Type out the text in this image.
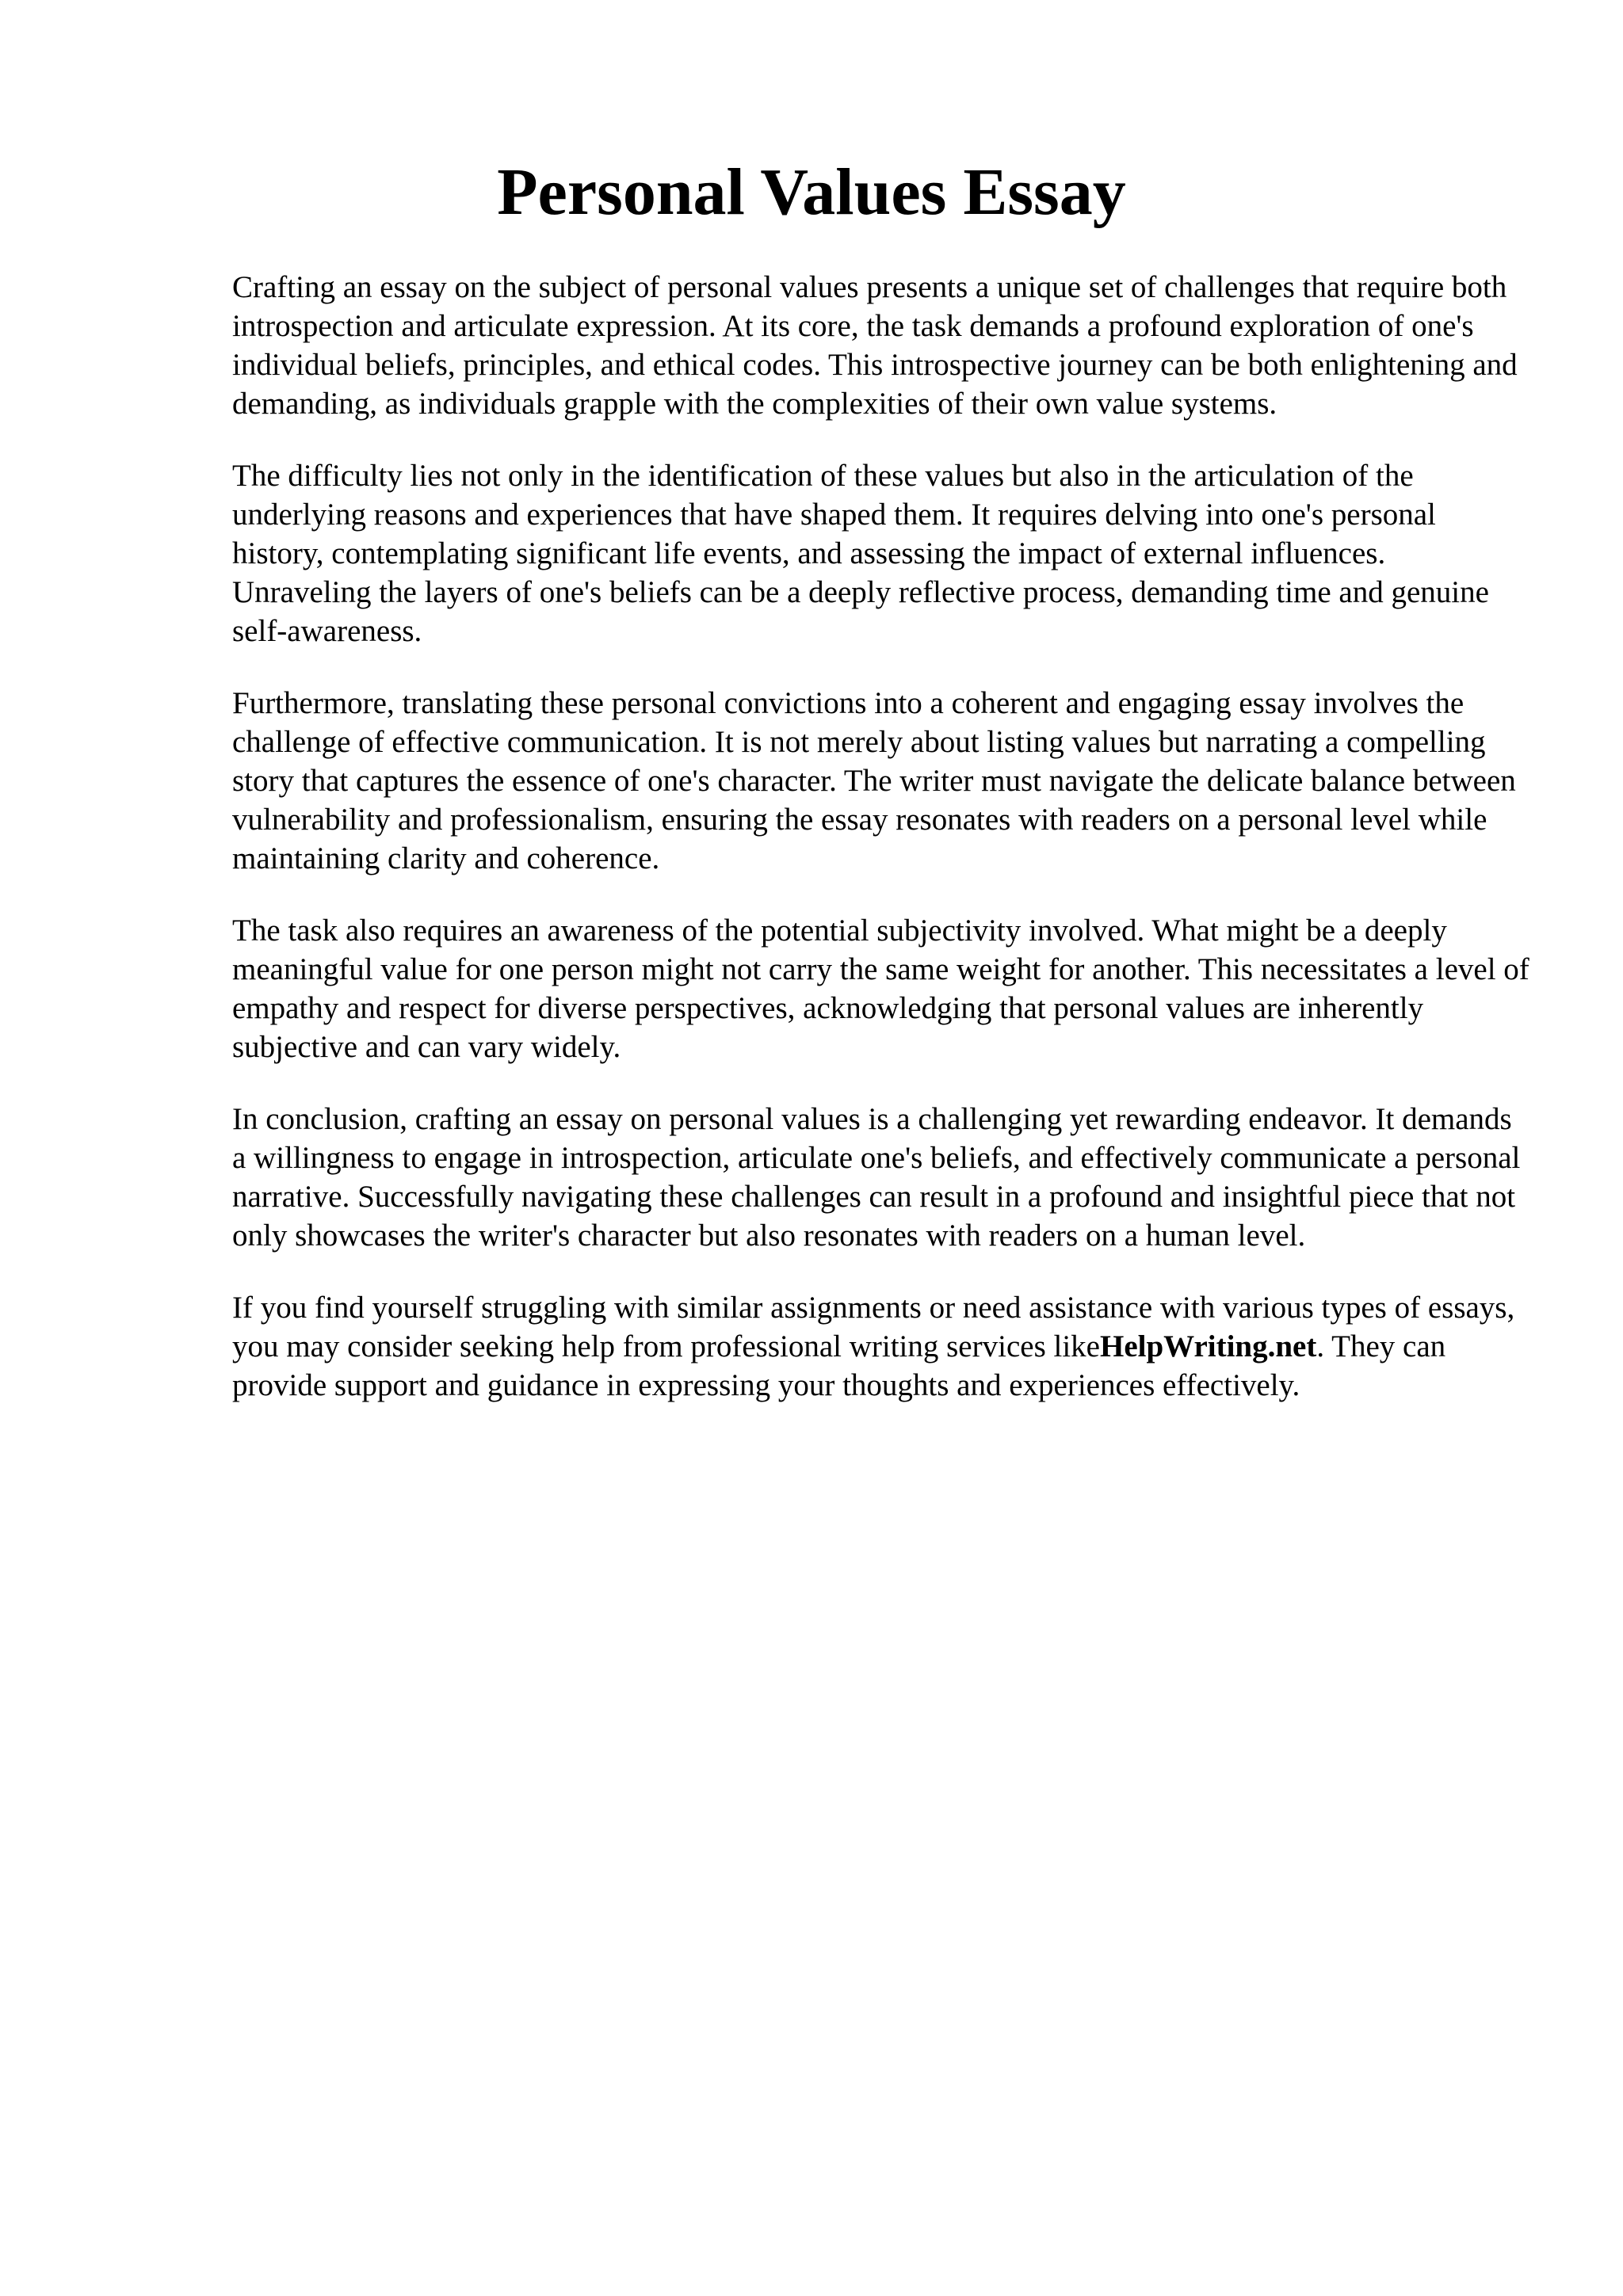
Personal Values Essay

Crafting an essay on the subject of personal values presents a unique set of challenges that require both introspection and articulate expression. At its core, the task demands a profound exploration of one's individual beliefs, principles, and ethical codes. This introspective journey can be both enlightening and demanding, as individuals grapple with the complexities of their own value systems.

The difficulty lies not only in the identification of these values but also in the articulation of the underlying reasons and experiences that have shaped them. It requires delving into one's personal history, contemplating significant life events, and assessing the impact of external influences. Unraveling the layers of one's beliefs can be a deeply reflective process, demanding time and genuine self-awareness.

Furthermore, translating these personal convictions into a coherent and engaging essay involves the challenge of effective communication. It is not merely about listing values but narrating a compelling story that captures the essence of one's character. The writer must navigate the delicate balance between vulnerability and professionalism, ensuring the essay resonates with readers on a personal level while maintaining clarity and coherence.

The task also requires an awareness of the potential subjectivity involved. What might be a deeply meaningful value for one person might not carry the same weight for another. This necessitates a level of empathy and respect for diverse perspectives, acknowledging that personal values are inherently subjective and can vary widely.

In conclusion, crafting an essay on personal values is a challenging yet rewarding endeavor. It demands a willingness to engage in introspection, articulate one's beliefs, and effectively communicate a personal narrative. Successfully navigating these challenges can result in a profound and insightful piece that not only showcases the writer's character but also resonates with readers on a human level.

If you find yourself struggling with similar assignments or need assistance with various types of essays, you may consider seeking help from professional writing services likeHelpWriting.net. They can provide support and guidance in expressing your thoughts and experiences effectively.
